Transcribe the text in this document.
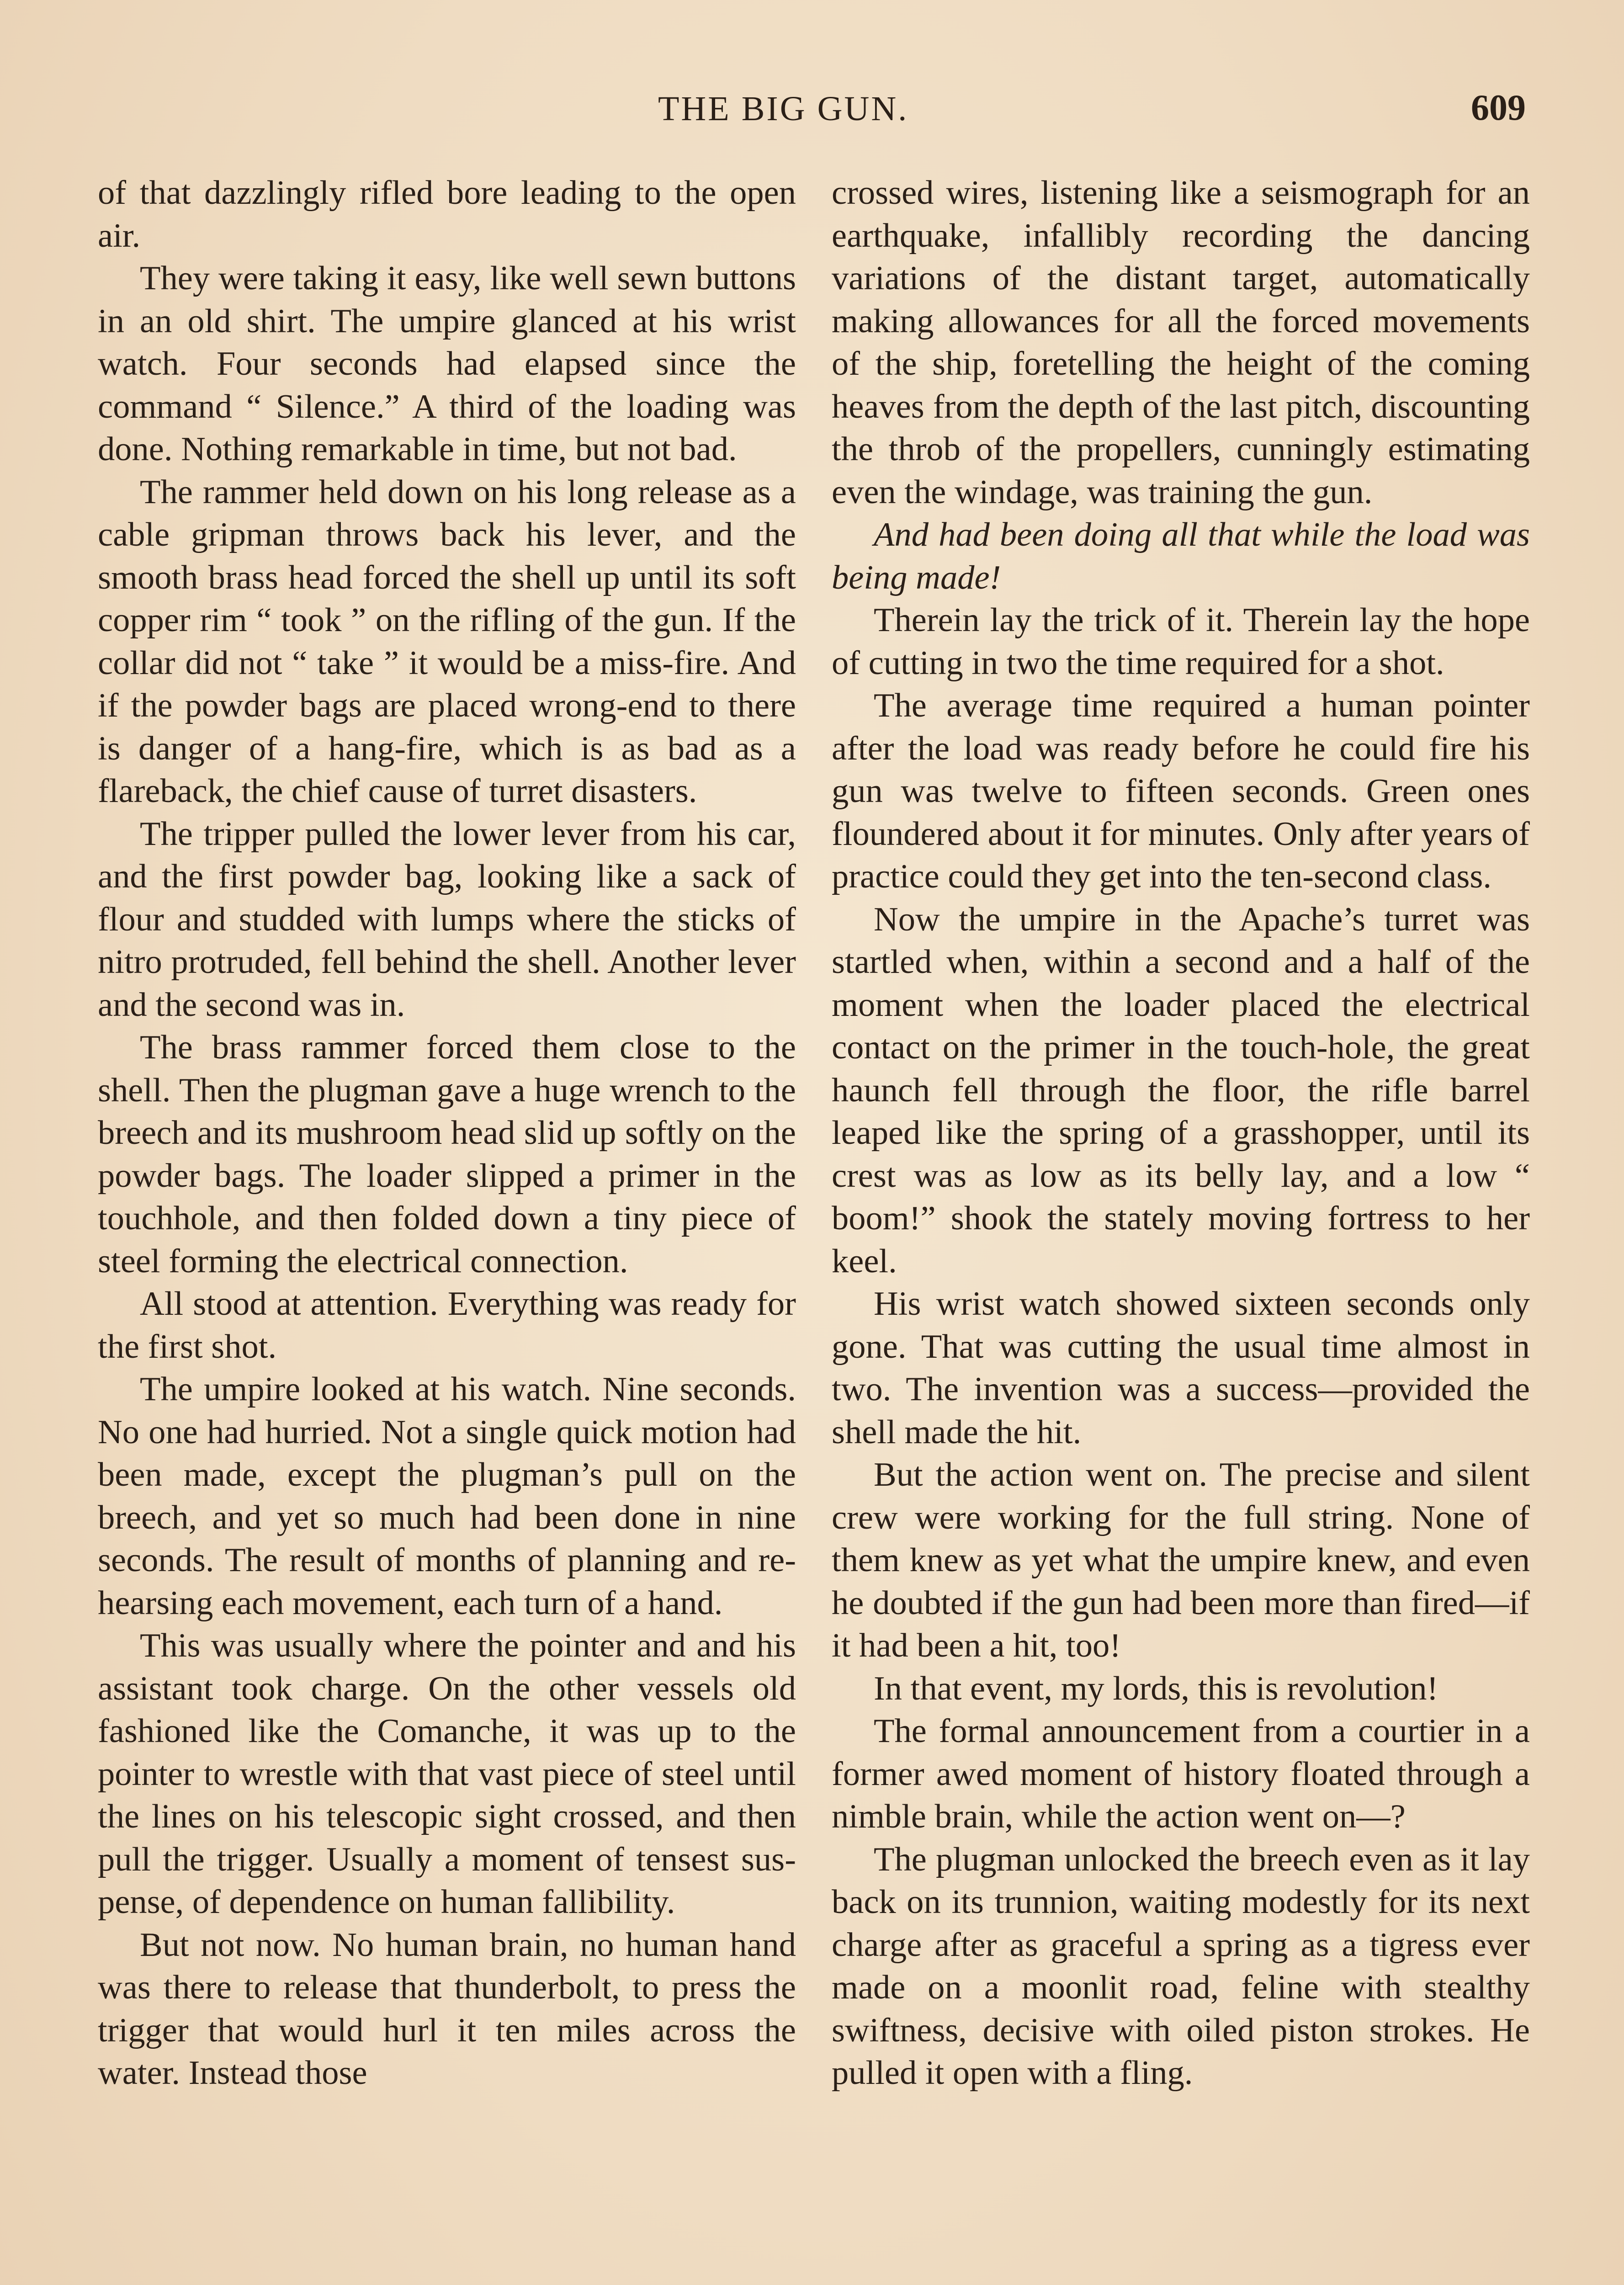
THE BIG GUN.	609

of that dazzlingly rifled bore leading to the open air.

They were taking it easy, like well sewn buttons in an old shirt. The umpire glanced at his wrist watch. Four seconds had elapsed since the command “ Silence.” A third of the loading was done. Nothing remarkable in time, but not bad.

The rammer held down on his long release as a cable gripman throws back his lever, and the smooth brass head forced the shell up until its soft copper rim “ took ” on the rifling of the gun. If the collar did not “ take ” it would be a miss-fire. And if the powder bags are placed wrong-end to there is danger of a hang-fire, which is as bad as a flareback, the chief cause of turret disasters.

The tripper pulled the lower lever from his car, and the first powder bag, looking like a sack of flour and studded with lumps where the sticks of nitro protruded, fell behind the shell. Another lever and the second was in.

The brass rammer forced them close to the shell. Then the plugman gave a huge wrench to the breech and its mushroom head slid up softly on the powder bags. The loader slipped a primer in the touchhole, and then folded down a tiny piece of steel forming the electrical connection.

All stood at attention. Everything was ready for the first shot.

The umpire looked at his watch. Nine seconds. No one had hurried. Not a single quick motion had been made, except the plugman’s pull on the breech, and yet so much had been done in nine seconds. The result of months of planning and rehearsing each movement, each turn of a hand.

This was usually where the pointer and and his assistant took charge. On the other vessels old fashioned like the Comanche, it was up to the pointer to wrestle with that vast piece of steel until the lines on his telescopic sight crossed, and then pull the trigger. Usually a moment of tensest suspense, of dependence on human fallibility.

But not now. No human brain, no human hand was there to release that thunderbolt, to press the trigger that would hurl it ten miles across the water. Instead those

crossed wires, listening like a seismograph for an earthquake, infallibly recording the dancing variations of the distant target, automatically making allowances for all the forced movements of the ship, foretelling the height of the coming heaves from the depth of the last pitch, discounting the throb of the propellers, cunningly estimating even the windage, was training the gun.

And had been doing all that while the load was being made!

Therein lay the trick of it. Therein lay the hope of cutting in two the time required for a shot.

The average time required a human pointer after the load was ready before he could fire his gun was twelve to fifteen seconds. Green ones floundered about it for minutes. Only after years of practice could they get into the ten-second class.

Now the umpire in the Apache’s turret was startled when, within a second and a half of the moment when the loader placed the electrical contact on the primer in the touch-hole, the great haunch fell through the floor, the rifle barrel leaped like the spring of a grasshopper, until its crest was as low as its belly lay, and a low “ boom!” shook the stately moving fortress to her keel.

His wrist watch showed sixteen seconds only gone. That was cutting the usual time almost in two. The invention was a success—provided the shell made the hit.

But the action went on. The precise and silent crew were working for the full string. None of them knew as yet what the umpire knew, and even he doubted if the gun had been more than fired—if it had been a hit, too!

In that event, my lords, this is revolution!

The formal announcement from a courtier in a former awed moment of history floated through a nimble brain, while the action went on—?

The plugman unlocked the breech even as it lay back on its trunnion, waiting modestly for its next charge after as graceful a spring as a tigress ever made on a moonlit road, feline with stealthy swiftness, decisive with oiled piston strokes. He pulled it open with a fling.
